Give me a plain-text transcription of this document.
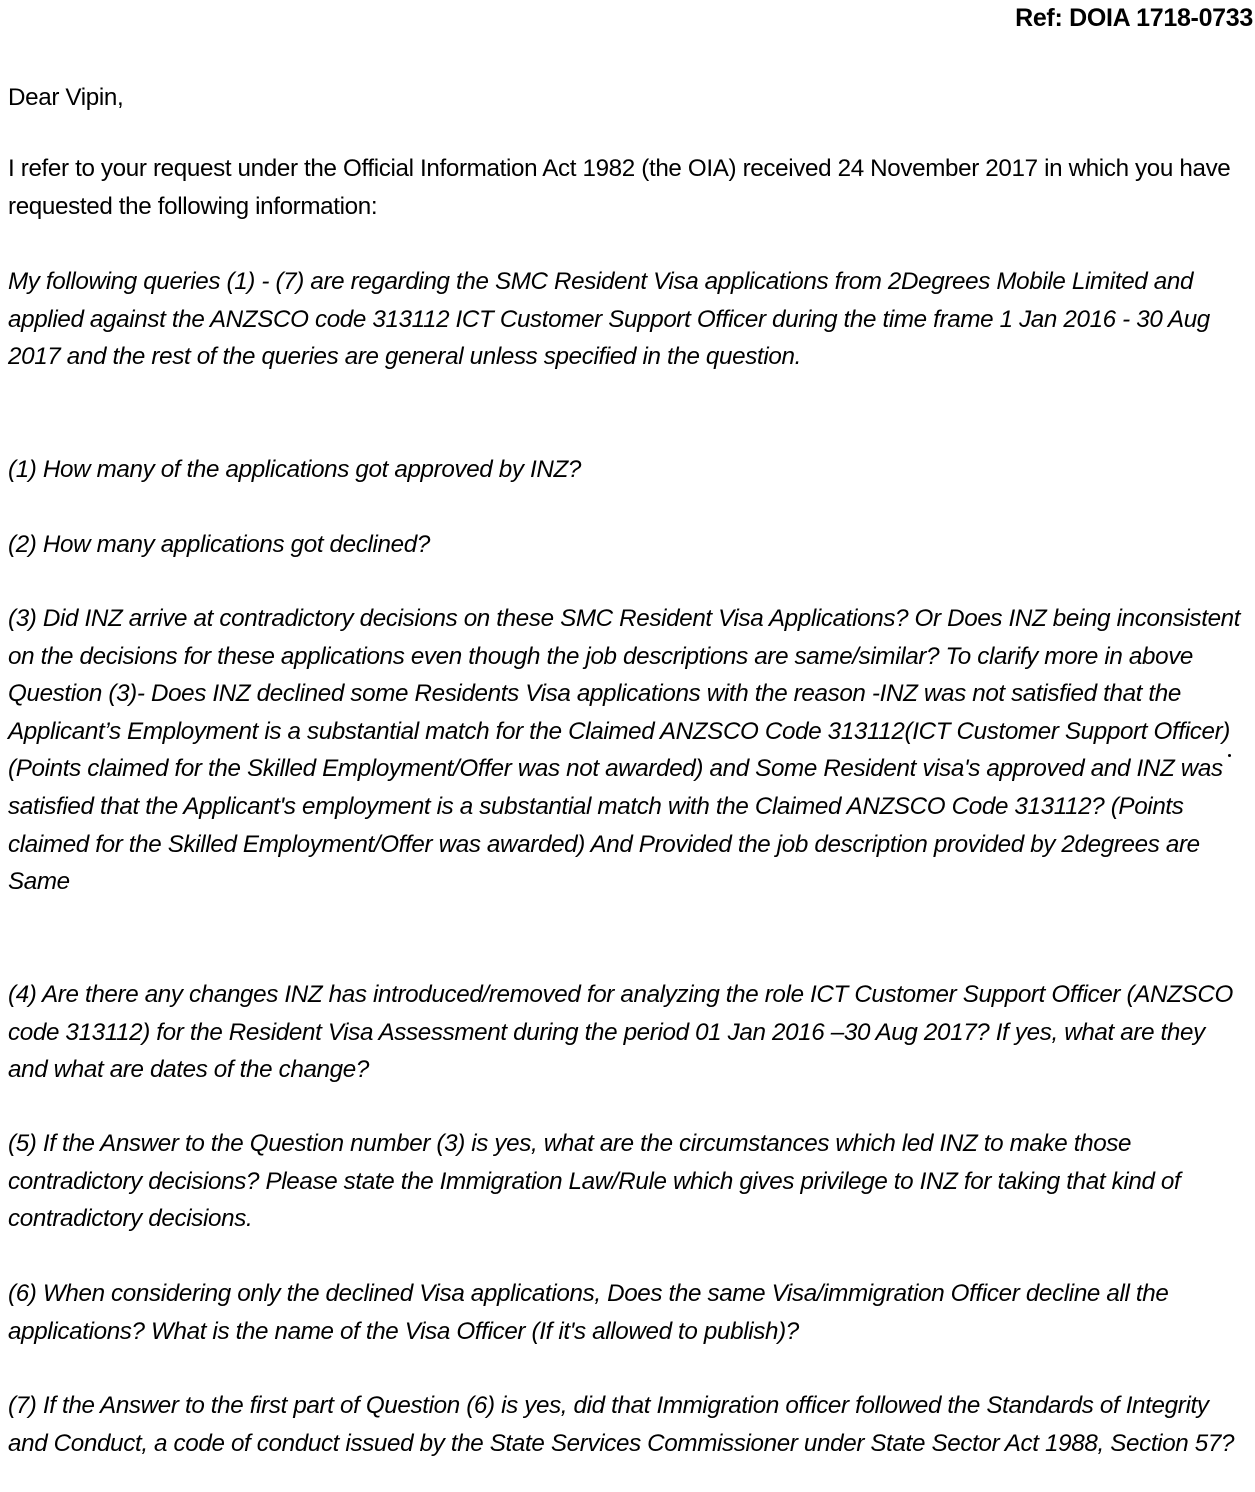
Ref: DOIA 1718-0733

Dear Vipin,

I refer to your request under the Official Information Act 1982 (the OIA) received 24 November 2017 in which you have requested the following information:

My following queries (1) - (7) are regarding the SMC Resident Visa applications from 2Degrees Mobile Limited and applied against the ANZSCO code 313112 ICT Customer Support Officer during the time frame 1 Jan 2016 - 30 Aug 2017 and the rest of the queries are general unless specified in the question.

(1) How many of the applications got approved by INZ?

(2) How many applications got declined?

(3) Did INZ arrive at contradictory decisions on these SMC Resident Visa Applications? Or Does INZ being inconsistent on the decisions for these applications even though the job descriptions are same/similar? To clarify more in above Question (3)- Does INZ declined some Residents Visa applications with the reason -INZ was not satisfied that the Applicant’s Employment is a substantial match for the Claimed ANZSCO Code 313112(ICT Customer Support Officer) (Points claimed for the Skilled Employment/Offer was not awarded) and Some Resident visa's approved and INZ was satisfied that the Applicant's employment is a substantial match with the Claimed ANZSCO Code 313112? (Points claimed for the Skilled Employment/Offer was awarded) And Provided the job description provided by 2degrees are Same

(4) Are there any changes INZ has introduced/removed for analyzing the role ICT Customer Support Officer (ANZSCO code 313112) for the Resident Visa Assessment during the period 01 Jan 2016 –30 Aug 2017? If yes, what are they and what are dates of the change?

(5) If the Answer to the Question number (3) is yes, what are the circumstances which led INZ to make those contradictory decisions? Please state the Immigration Law/Rule which gives privilege to INZ for taking that kind of contradictory decisions.

(6) When considering only the declined Visa applications, Does the same Visa/immigration Officer decline all the applications? What is the name of the Visa Officer (If it's allowed to publish)?

(7) If the Answer to the first part of Question (6) is yes, did that Immigration officer followed the Standards of Integrity and Conduct, a code of conduct issued by the State Services Commissioner under State Sector Act 1988, Section 57?
